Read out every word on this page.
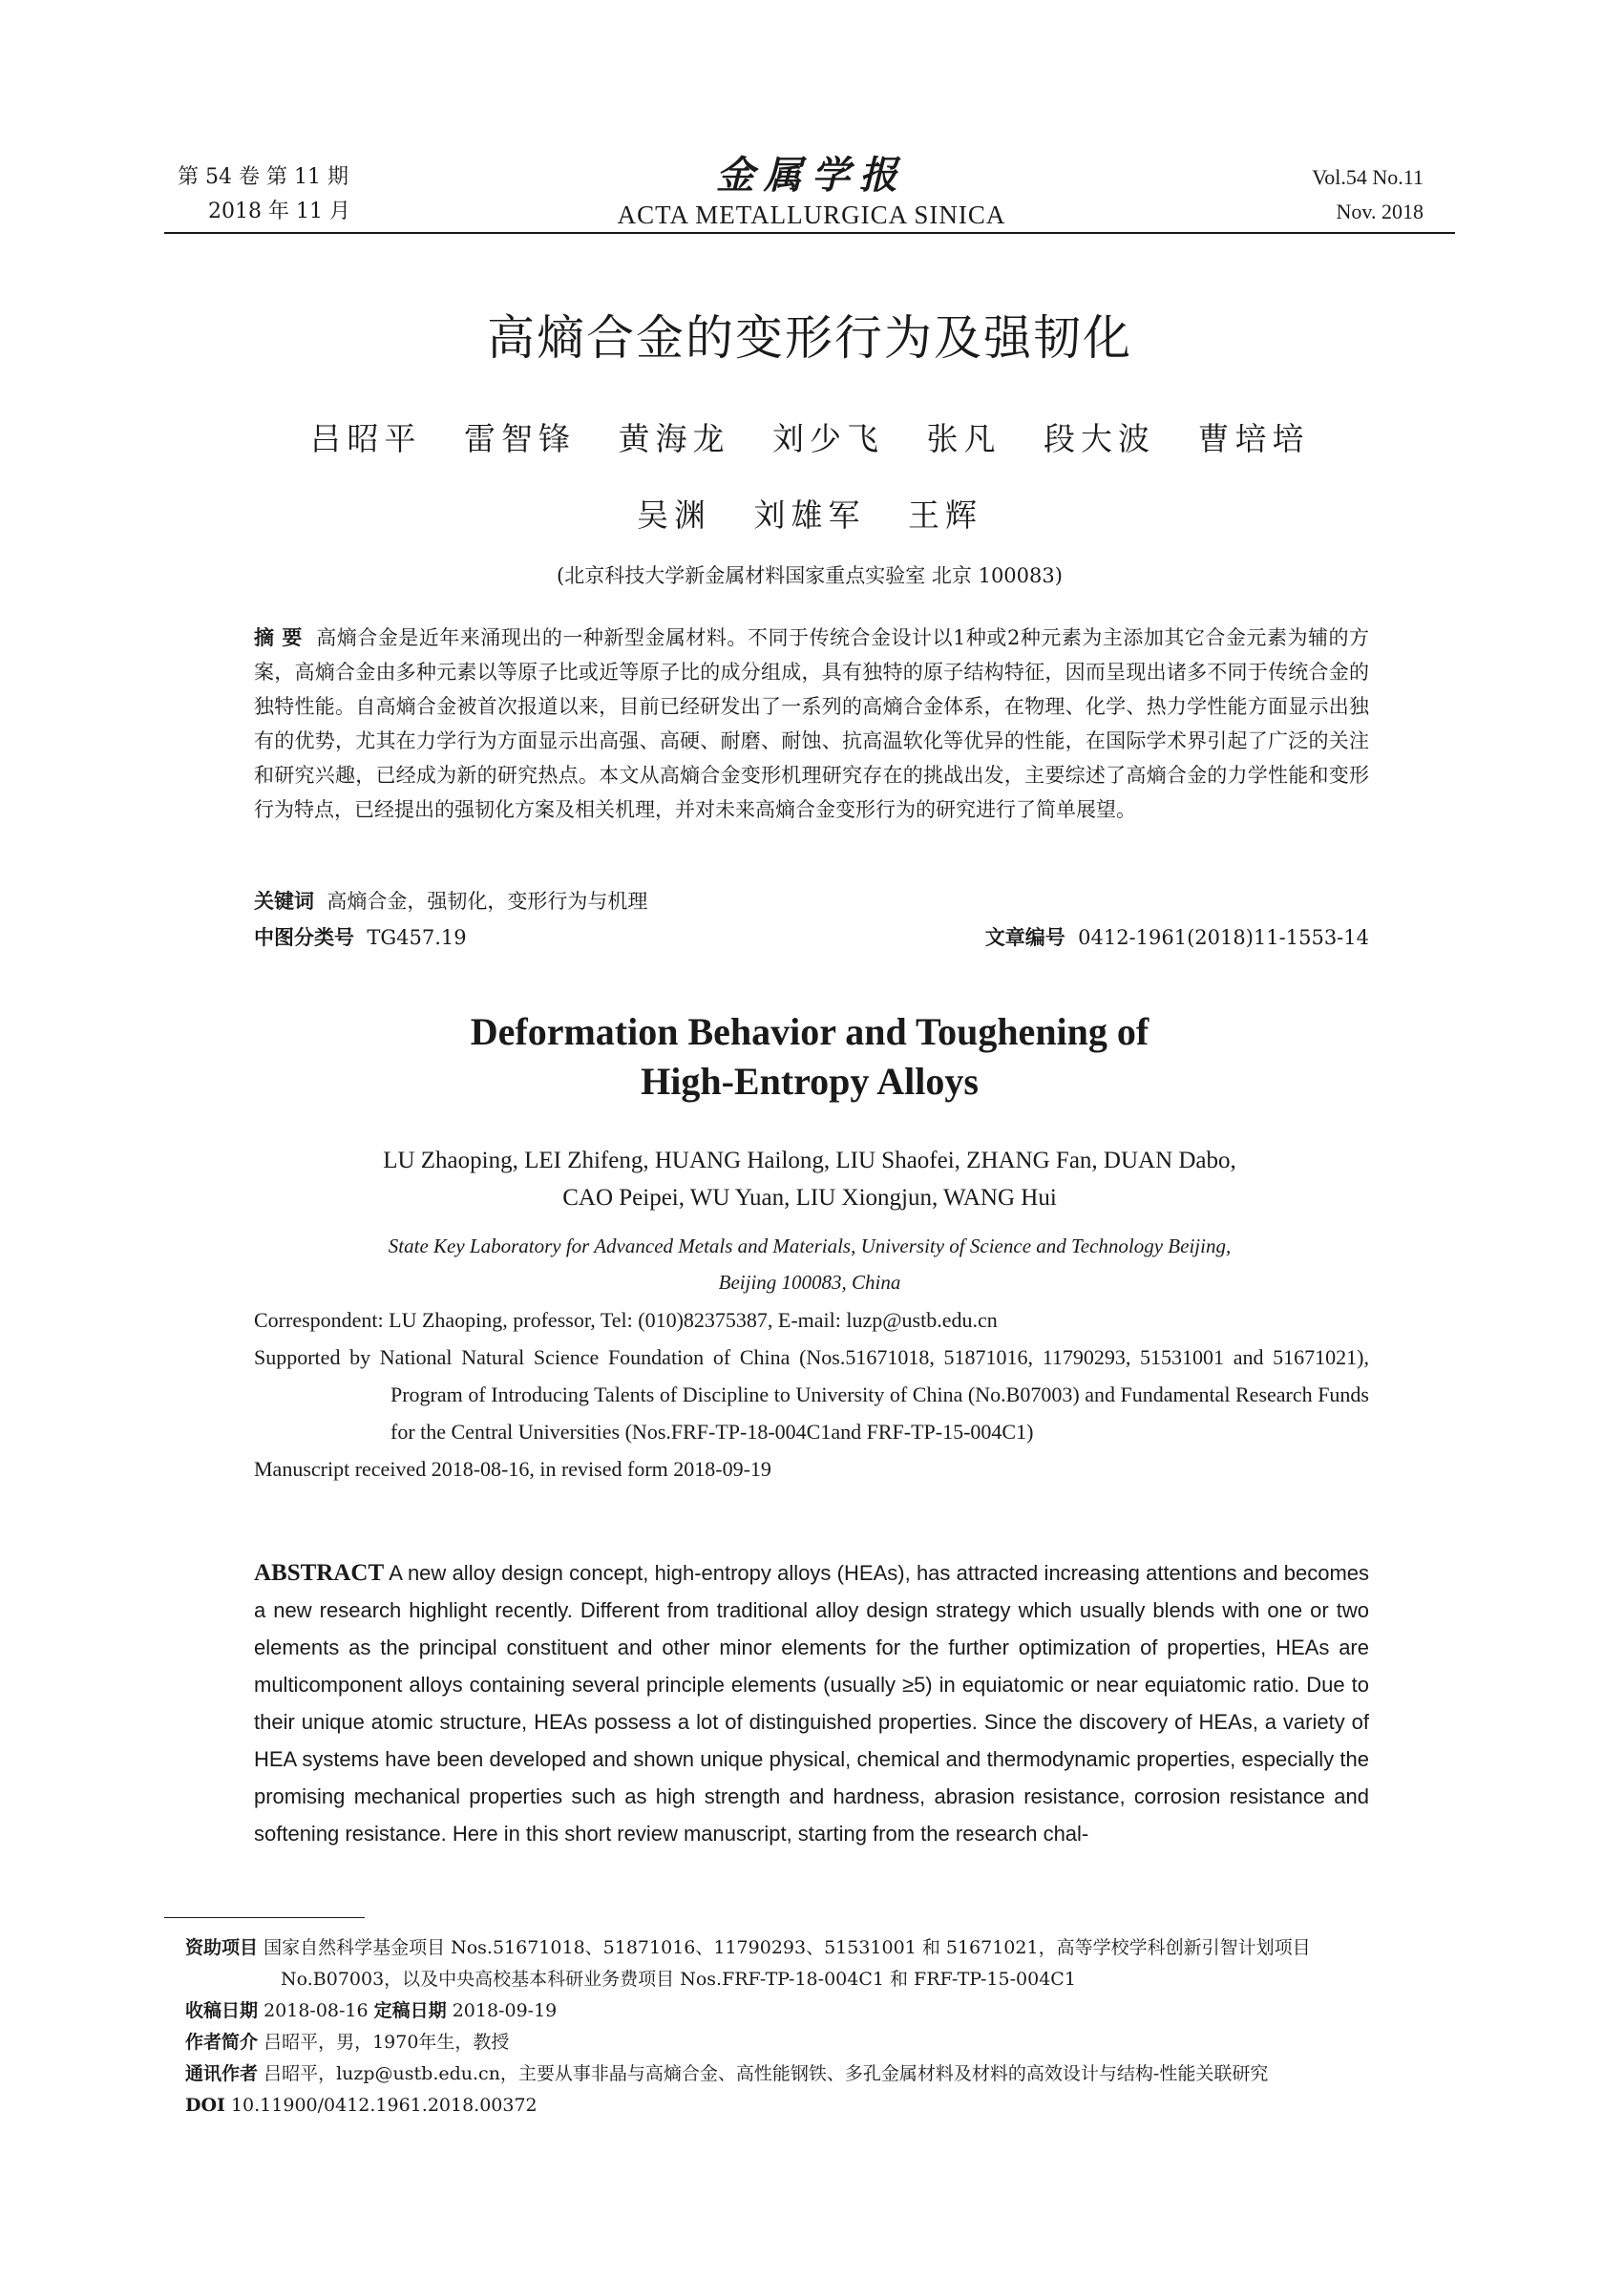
第 54 卷 第 11 期
2018 年 11 月
金属学报
ACTA METALLURGICA SINICA
Vol.54 No.11
Nov. 2018
高熵合金的变形行为及强韧化
吕昭平 雷智锋 黄海龙 刘少飞 张凡 段大波 曹培培
吴渊 刘雄军 王辉
(北京科技大学新金属材料国家重点实验室 北京 100083)
摘 要 高熵合金是近年来涌现出的一种新型金属材料。不同于传统合金设计以1种或2种元素为主添加其它合金元素为辅的方案，高熵合金由多种元素以等原子比或近等原子比的成分组成，具有独特的原子结构特征，因而呈现出诸多不同于传统合金的独特性能。自高熵合金被首次报道以来，目前已经研发出了一系列的高熵合金体系，在物理、化学、热力学性能方面显示出独有的优势，尤其在力学行为方面显示出高强、高硬、耐磨、耐蚀、抗高温软化等优异的性能，在国际学术界引起了广泛的关注和研究兴趣，已经成为新的研究热点。本文从高熵合金变形机理研究存在的挑战出发，主要综述了高熵合金的力学性能和变形行为特点，已经提出的强韧化方案及相关机理，并对未来高熵合金变形行为的研究进行了简单展望。
关键词 高熵合金，强韧化，变形行为与机理
中图分类号 TG457.19	文章编号 0412-1961(2018)11-1553-14
Deformation Behavior and Toughening of
High-Entropy Alloys
LU Zhaoping, LEI Zhifeng, HUANG Hailong, LIU Shaofei, ZHANG Fan, DUAN Dabo,
CAO Peipei, WU Yuan, LIU Xiongjun, WANG Hui
State Key Laboratory for Advanced Metals and Materials, University of Science and Technology Beijing,
Beijing 100083, China
Correspondent: LU Zhaoping, professor, Tel: (010)82375387, E-mail: luzp@ustb.edu.cn
Supported by National Natural Science Foundation of China (Nos.51671018, 51871016, 11790293, 51531001 and 51671021), Program of Introducing Talents of Discipline to University of China (No.B07003) and Fundamental Research Funds for the Central Universities (Nos.FRF-TP-18-004C1and FRF-TP-15-004C1)
Manuscript received 2018-08-16, in revised form 2018-09-19
ABSTRACT A new alloy design concept, high-entropy alloys (HEAs), has attracted increasing attentions and becomes a new research highlight recently. Different from traditional alloy design strategy which usually blends with one or two elements as the principal constituent and other minor elements for the further optimization of properties, HEAs are multicomponent alloys containing several principle elements (usually ≥5) in equiatomic or near equiatomic ratio. Due to their unique atomic structure, HEAs possess a lot of distinguished properties. Since the discovery of HEAs, a variety of HEA systems have been developed and shown unique physical, chemical and thermodynamic properties, especially the promising mechanical properties such as high strength and hardness, abrasion resistance, corrosion resistance and softening resistance. Here in this short review manuscript, starting from the research chal-
资助项目 国家自然科学基金项目 Nos.51671018、51871016、11790293、51531001 和 51671021，高等学校学科创新引智计划项目 No.B07003，以及中央高校基本科研业务费项目 Nos.FRF-TP-18-004C1 和 FRF-TP-15-004C1
收稿日期 2018-08-16 定稿日期 2018-09-19
作者简介 吕昭平，男，1970年生，教授
通讯作者 吕昭平，luzp@ustb.edu.cn，主要从事非晶与高熵合金、高性能钢铁、多孔金属材料及材料的高效设计与结构-性能关联研究
DOI 10.11900/0412.1961.2018.00372
